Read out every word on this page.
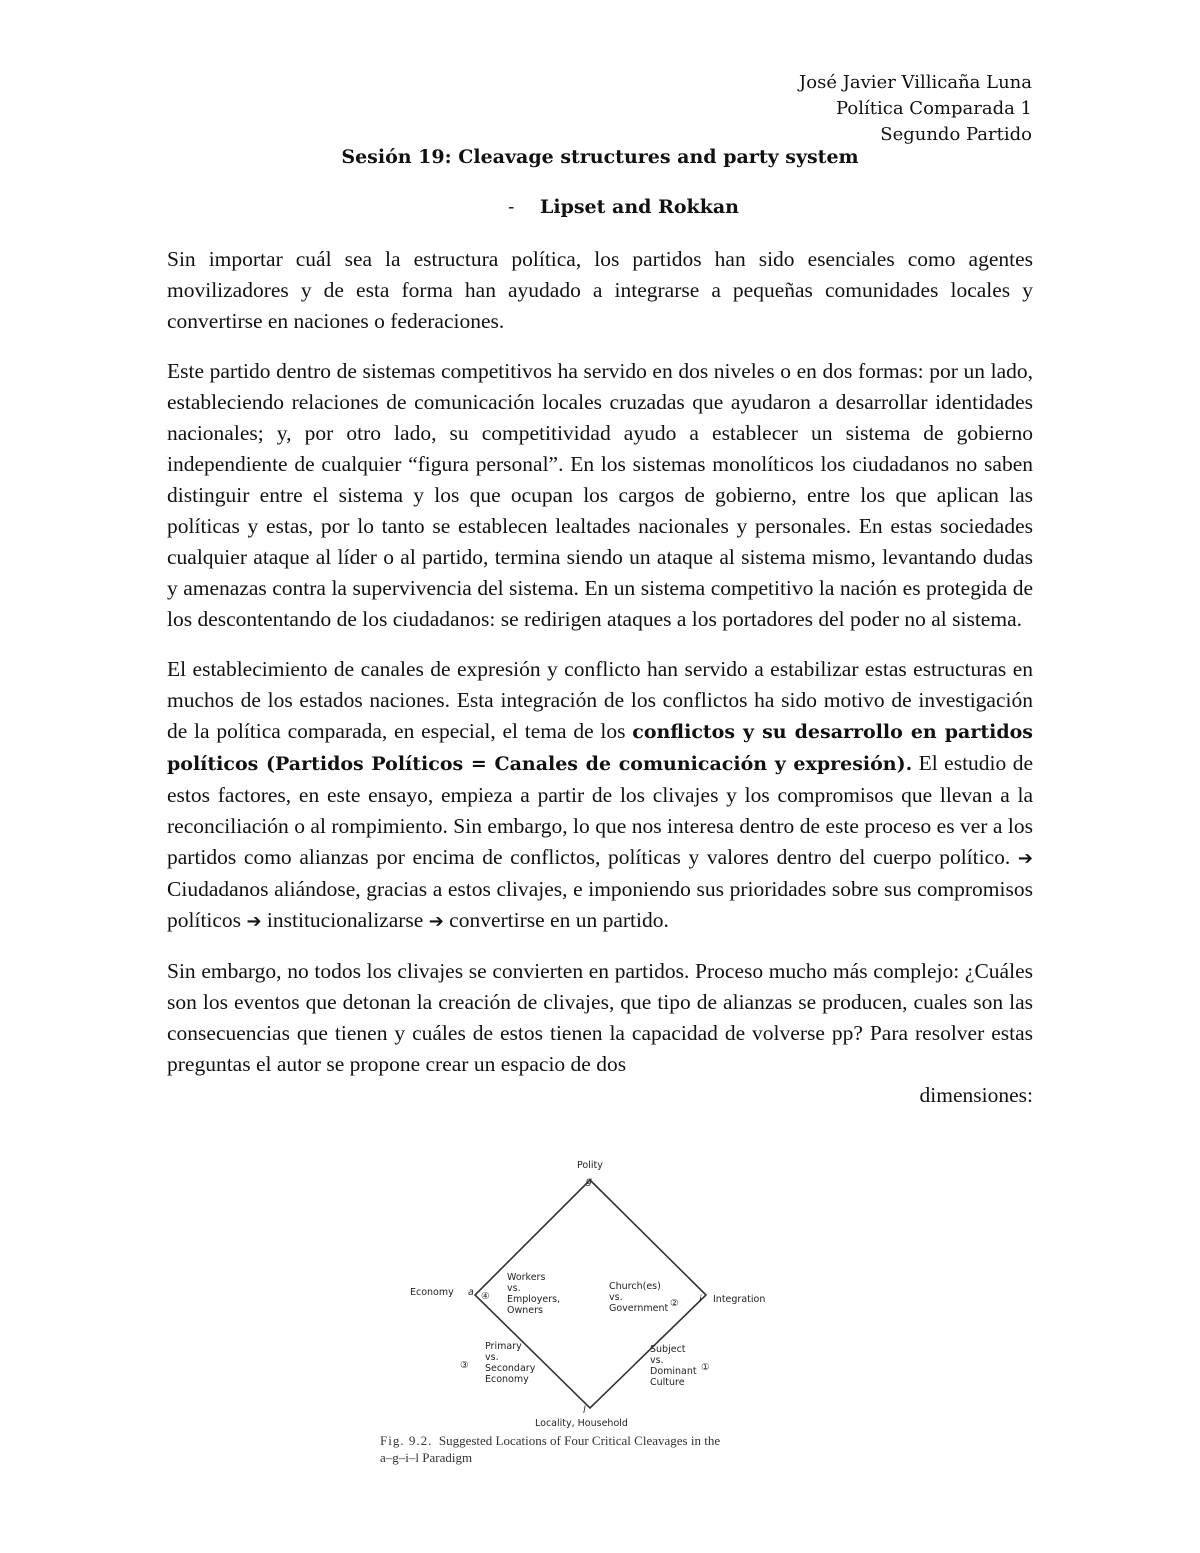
José Javier Villicaña Luna
Política Comparada 1
Segundo Partido
Sesión 19: Cleavage structures and party system
- Lipset and Rokkan

Sin importar cuál sea la estructura política, los partidos han sido esenciales como agentes movilizadores y de esta forma han ayudado a integrarse a pequeñas comunidades locales y convertirse en naciones o federaciones.

Este partido dentro de sistemas competitivos ha servido en dos niveles o en dos formas: por un lado, estableciendo relaciones de comunicación locales cruzadas que ayudaron a desarrollar identidades nacionales; y, por otro lado, su competitividad ayudo a establecer un sistema de gobierno independiente de cualquier “figura personal”. En los sistemas monolíticos los ciudadanos no saben distinguir entre el sistema y los que ocupan los cargos de gobierno, entre los que aplican las políticas y estas, por lo tanto se establecen lealtades nacionales y personales. En estas sociedades cualquier ataque al líder o al partido, termina siendo un ataque al sistema mismo, levantando dudas y amenazas contra la supervivencia del sistema. En un sistema competitivo la nación es protegida de los descontentando de los ciudadanos: se redirigen ataques a los portadores del poder no al sistema.

El establecimiento de canales de expresión y conflicto han servido a estabilizar estas estructuras en muchos de los estados naciones. Esta integración de los conflictos ha sido motivo de investigación de la política comparada, en especial, el tema de los conflictos y su desarrollo en partidos políticos (Partidos Políticos = Canales de comunicación y expresión). El estudio de estos factores, en este ensayo, empieza a partir de los clivajes y los compromisos que llevan a la reconciliación o al rompimiento. Sin embargo, lo que nos interesa dentro de este proceso es ver a los partidos como alianzas por encima de conflictos, políticas y valores dentro del cuerpo político. ➔ Ciudadanos aliándose, gracias a estos clivajes, e imponiendo sus prioridades sobre sus compromisos políticos ➔ institucionalizarse ➔ convertirse en un partido.

Sin embargo, no todos los clivajes se convierten en partidos. Proceso mucho más complejo: ¿Cuáles son los eventos que detonan la creación de clivajes, que tipo de alianzas se producen, cuales son las consecuencias que tienen y cuáles de estos tienen la capacidad de volverse pp? Para resolver estas preguntas el autor se propone crear un espacio de dos
dimensiones:

Polity
g
Economy a
i Integration
l
Locality, Household
④
Workers
vs.
Employers,
Owners
Church(es)
vs.
Government ②
③
Primary
vs.
Secondary
Economy
Subject
vs.
Dominant
Culture
①
Fig. 9.2. Suggested Locations of Four Critical Cleavages in the
a–g–i–l Paradigm
